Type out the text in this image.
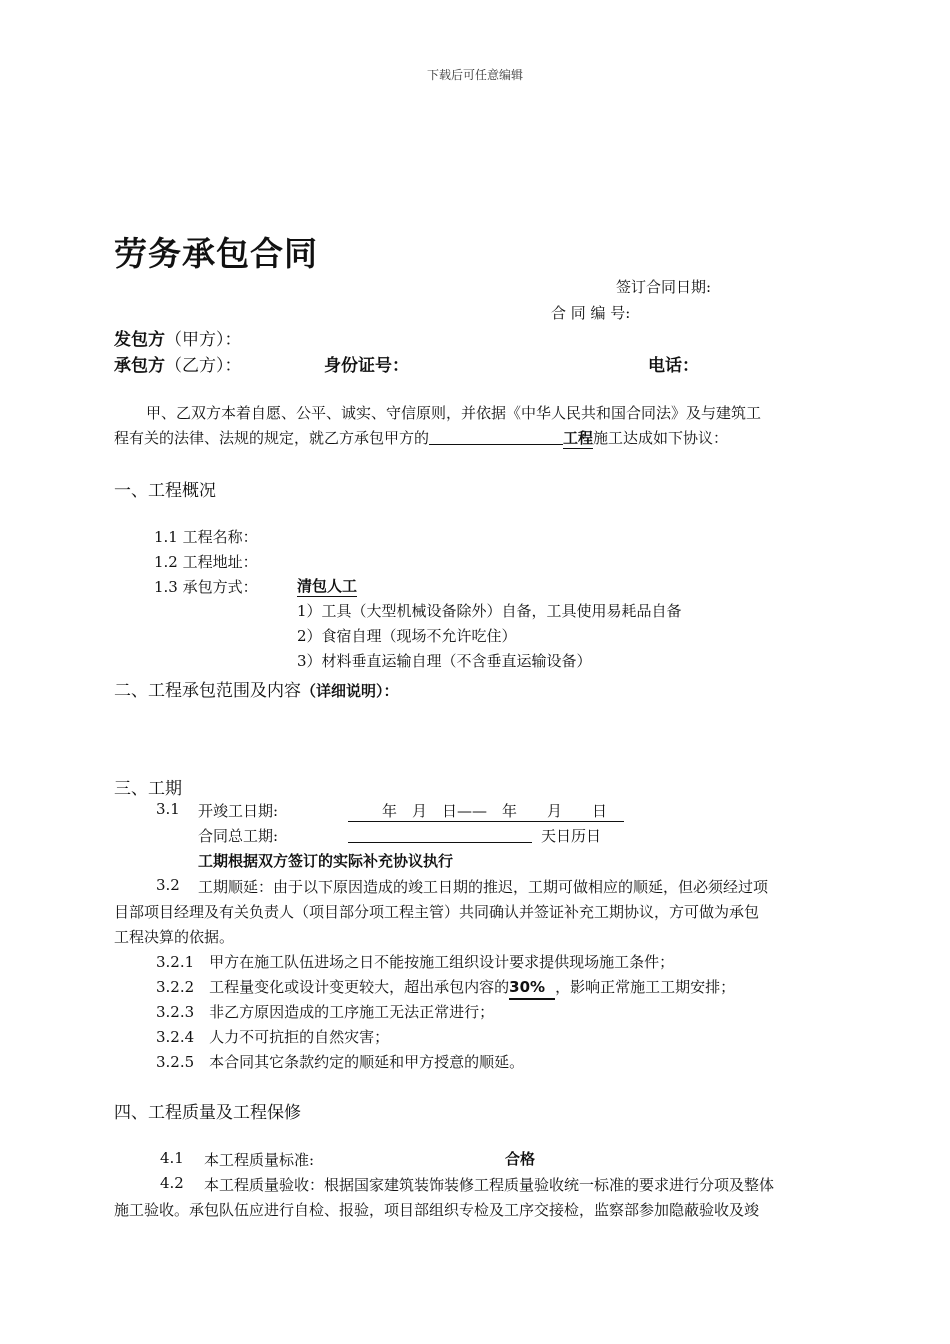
下载后可任意编辑
劳务承包合同
签订合同日期:
合 同 编 号:
发包方（甲方）：
承包方（乙方）：	身份证号：	电话：
甲、乙双方本着自愿、公平、诚实、守信原则，并依据《中华人民共和国合同法》及与建筑工
程有关的法律、法规的规定，就乙方承包甲方的	工程施工达成如下协议：
一、工程概况
1.1 工程名称：
1.2 工程地址：
1.3 承包方式：	清包人工
1）工具（大型机械设备除外）自备，工具使用易耗品自备
2）食宿自理（现场不允许吃住）
3）材料垂直运输自理（不含垂直运输设备）
二、工程承包范围及内容（详细说明）：
三、工期
3.1 开竣工日期:	年　月　日——　年　　月　　日
合同总工期:	天日历日
工期根据双方签订的实际补充协议执行
3.2 工期顺延：由于以下原因造成的竣工日期的推迟，工期可做相应的顺延，但必须经过项
目部项目经理及有关负责人（项目部分项工程主管）共同确认并签证补充工期协议，方可做为承包
工程决算的依据。
3.2.1　甲方在施工队伍进场之日不能按施工组织设计要求提供现场施工条件；
3.2.2　工程量变化或设计变更较大，超出承包内容的30% ，影响正常施工工期安排；
3.2.3　非乙方原因造成的工序施工无法正常进行；
3.2.4　人力不可抗拒的自然灾害；
3.2.5　本合同其它条款约定的顺延和甲方授意的顺延。
四、工程质量及工程保修
4.1 本工程质量标准:	合格
4.2 本工程质量验收：根据国家建筑装饰装修工程质量验收统一标准的要求进行分项及整体
施工验收。承包队伍应进行自检、报验，项目部组织专检及工序交接检，监察部参加隐蔽验收及竣
